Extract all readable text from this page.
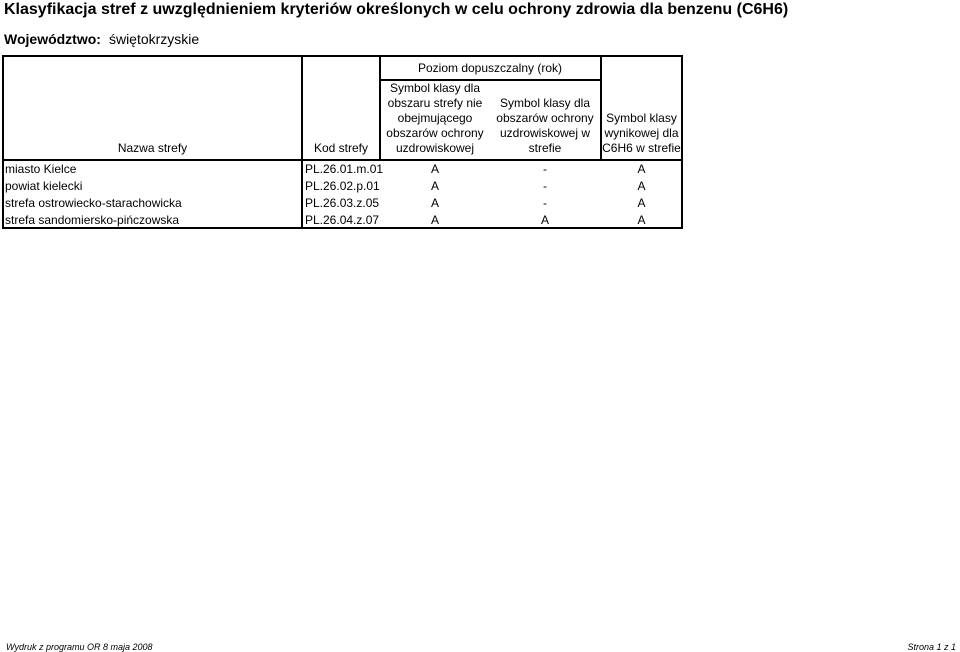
Klasyfikacja stref z uwzględnieniem kryteriów określonych w celu ochrony zdrowia dla benzenu (C6H6)
Województwo: świętokrzyskie
Poziom dopuszczalny (rok)
Nazwa strefy	Kod strefy
Symbol klasy dla obszaru strefy nie obejmującego obszarów ochrony uzdrowiskowej
Symbol klasy dla obszarów ochrony uzdrowiskowej w strefie
Symbol klasy wynikowej dla C6H6 w strefie
miasto Kielce	PL.26.01.m.01	A	-	A
powiat kielecki	PL.26.02.p.01	A	-	A
strefa ostrowiecko-starachowicka	PL.26.03.z.05	A	-	A
strefa sandomiersko-pińczowska	PL.26.04.z.07	A	A	A
Wydruk z programu OR 8 maja 2008	Strona 1 z 1
